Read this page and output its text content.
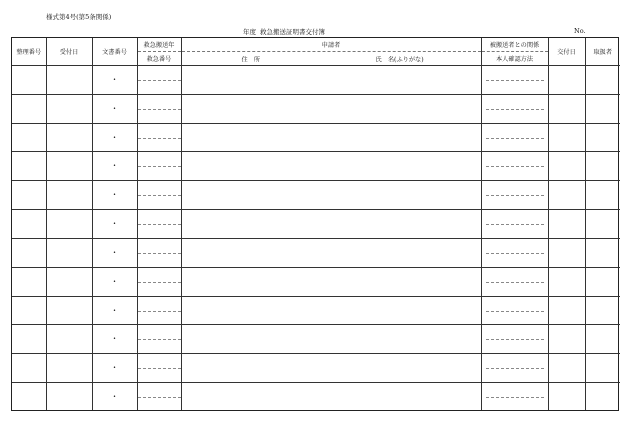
様式第4号(第5条関係)
年度 救急搬送証明書交付簿	No.
整理番号	受付日	文書番号	救急搬送年	申請者	被搬送者との関係	交付日	取扱者
			救急番号	住　所 氏　名(ふりがな)	本人確認方法		
		・	

		・	

		・	

		・	

		・	

		・	

		・	

		・	

		・	

		・	

		・	

		・	
